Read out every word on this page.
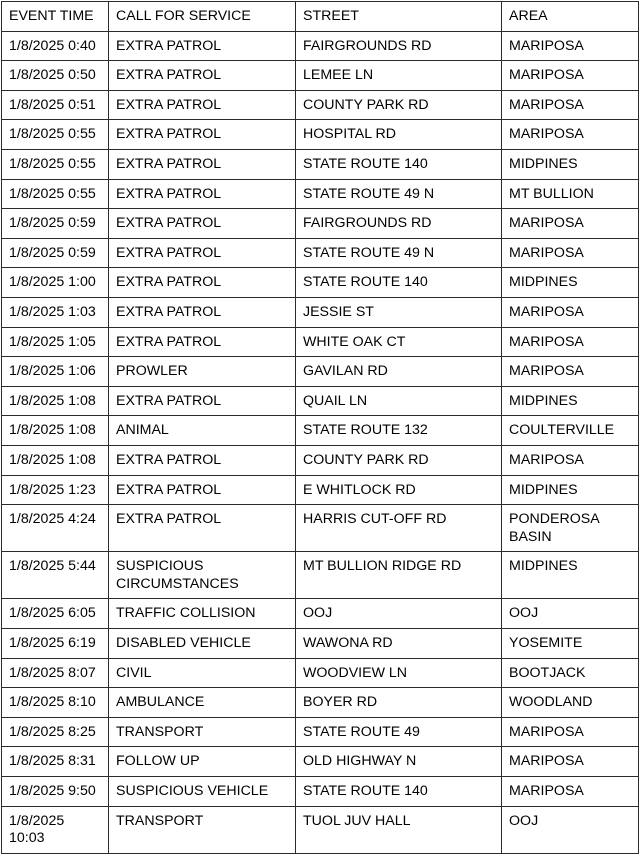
EVENT TIME	CALL FOR SERVICE	STREET	AREA
1/8/2025 0:40	EXTRA PATROL	FAIRGROUNDS RD	MARIPOSA
1/8/2025 0:50	EXTRA PATROL	LEMEE LN	MARIPOSA
1/8/2025 0:51	EXTRA PATROL	COUNTY PARK RD	MARIPOSA
1/8/2025 0:55	EXTRA PATROL	HOSPITAL RD	MARIPOSA
1/8/2025 0:55	EXTRA PATROL	STATE ROUTE 140	MIDPINES
1/8/2025 0:55	EXTRA PATROL	STATE ROUTE 49 N	MT BULLION
1/8/2025 0:59	EXTRA PATROL	FAIRGROUNDS RD	MARIPOSA
1/8/2025 0:59	EXTRA PATROL	STATE ROUTE 49 N	MARIPOSA
1/8/2025 1:00	EXTRA PATROL	STATE ROUTE 140	MIDPINES
1/8/2025 1:03	EXTRA PATROL	JESSIE ST	MARIPOSA
1/8/2025 1:05	EXTRA PATROL	WHITE OAK CT	MARIPOSA
1/8/2025 1:06	PROWLER	GAVILAN RD	MARIPOSA
1/8/2025 1:08	EXTRA PATROL	QUAIL LN	MIDPINES
1/8/2025 1:08	ANIMAL	STATE ROUTE 132	COULTERVILLE
1/8/2025 1:08	EXTRA PATROL	COUNTY PARK RD	MARIPOSA
1/8/2025 1:23	EXTRA PATROL	E WHITLOCK RD	MIDPINES
1/8/2025 4:24	EXTRA PATROL	HARRIS CUT-OFF RD	PONDEROSA BASIN
1/8/2025 5:44	SUSPICIOUS CIRCUMSTANCES	MT BULLION RIDGE RD	MIDPINES
1/8/2025 6:05	TRAFFIC COLLISION	OOJ	OOJ
1/8/2025 6:19	DISABLED VEHICLE	WAWONA RD	YOSEMITE
1/8/2025 8:07	CIVIL	WOODVIEW LN	BOOTJACK
1/8/2025 8:10	AMBULANCE	BOYER RD	WOODLAND
1/8/2025 8:25	TRANSPORT	STATE ROUTE 49	MARIPOSA
1/8/2025 8:31	FOLLOW UP	OLD HIGHWAY N	MARIPOSA
1/8/2025 9:50	SUSPICIOUS VEHICLE	STATE ROUTE 140	MARIPOSA
1/8/2025 10:03	TRANSPORT	TUOL JUV HALL	OOJ
